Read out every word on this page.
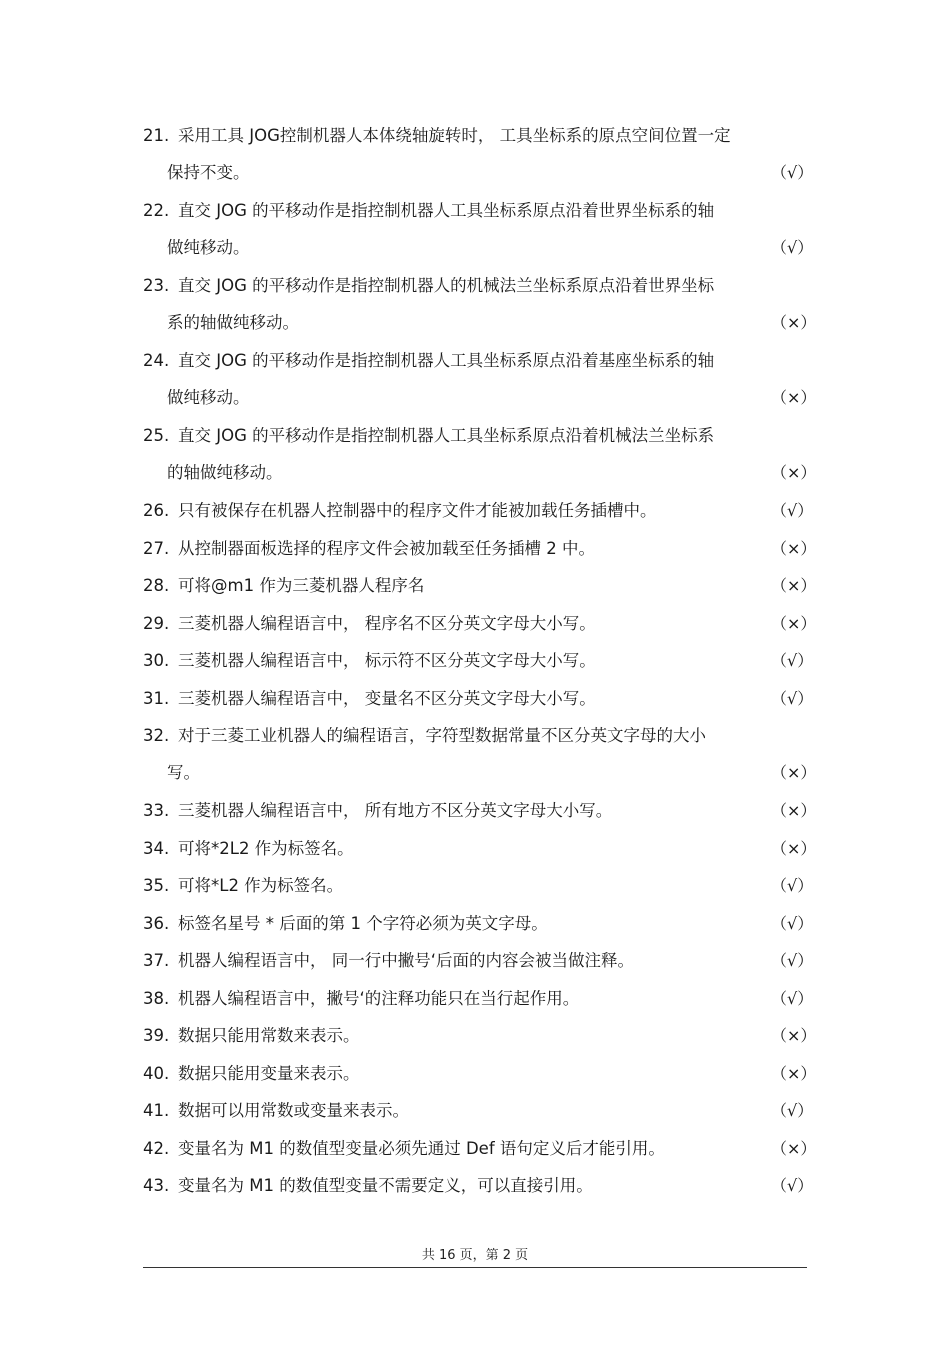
21. 采用工具 JOG控制机器人本体绕轴旋转时， 工具坐标系的原点空间位置一定
保持不变。	（√）
22. 直交 JOG 的平移动作是指控制机器人工具坐标系原点沿着世界坐标系的轴
做纯移动。	（√）
23. 直交 JOG 的平移动作是指控制机器人的机械法兰坐标系原点沿着世界坐标
系的轴做纯移动。	（×）
24. 直交 JOG 的平移动作是指控制机器人工具坐标系原点沿着基座坐标系的轴
做纯移动。	（×）
25. 直交 JOG 的平移动作是指控制机器人工具坐标系原点沿着机械法兰坐标系
的轴做纯移动。	（×）
26. 只有被保存在机器人控制器中的程序文件才能被加载任务插槽中。	（√）
27. 从控制器面板选择的程序文件会被加载至任务插槽 2 中。	（×）
28. 可将@m1 作为三菱机器人程序名	（×）
29. 三菱机器人编程语言中， 程序名不区分英文字母大小写。	（×）
30. 三菱机器人编程语言中， 标示符不区分英文字母大小写。	（√）
31. 三菱机器人编程语言中， 变量名不区分英文字母大小写。	（√）
32. 对于三菱工业机器人的编程语言，字符型数据常量不区分英文字母的大小
写。	（×）
33. 三菱机器人编程语言中， 所有地方不区分英文字母大小写。	（×）
34. 可将*2L2 作为标签名。	（×）
35. 可将*L2 作为标签名。	（√）
36. 标签名星号 * 后面的第 1 个字符必须为英文字母。	（√）
37. 机器人编程语言中， 同一行中撇号‘后面的内容会被当做注释。	（√）
38. 机器人编程语言中，撇号‘的注释功能只在当行起作用。	（√）
39. 数据只能用常数来表示。	（×）
40. 数据只能用变量来表示。	（×）
41. 数据可以用常数或变量来表示。	（√）
42. 变量名为 M1 的数值型变量必须先通过 Def 语句定义后才能引用。	（×）
43. 变量名为 M1 的数值型变量不需要定义，可以直接引用。	（√）
共 16 页，第 2 页
